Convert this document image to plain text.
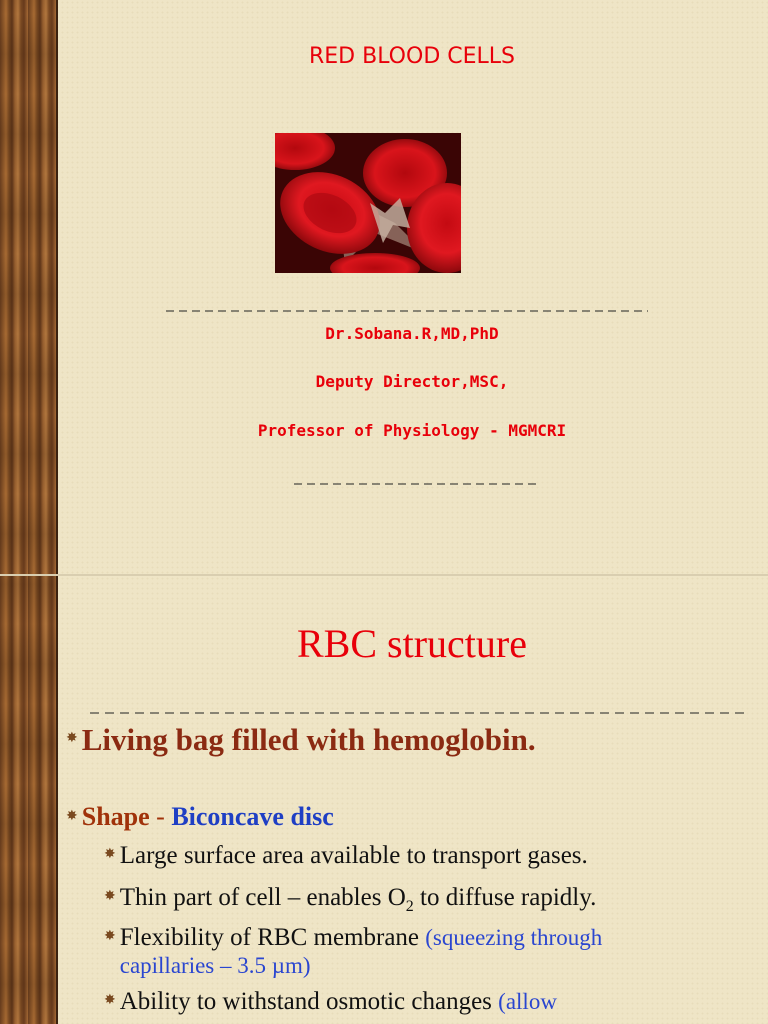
RED BLOOD CELLS
Dr.Sobana.R,MD,PhD
Deputy Director,MSC,
Professor of Physiology - MGMCRI
RBC structure
✸ Living bag filled with hemoglobin.
✸ Shape - Biconcave disc
✸ Large surface area available to transport gases.
✸ Thin part of cell – enables $O_2$ to diffuse rapidly.
✸ Flexibility of RBC membrane (squeezing through
capillaries – 3.5 µm)
✸ Ability to withstand osmotic changes (allow
